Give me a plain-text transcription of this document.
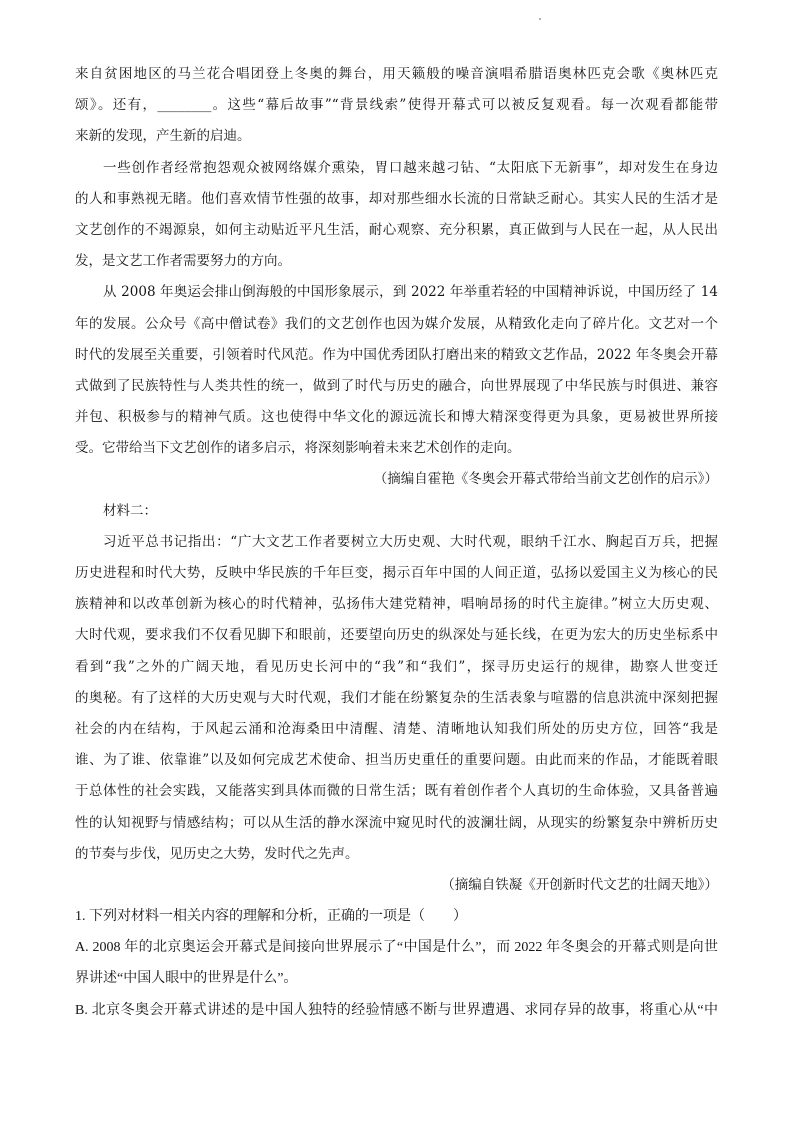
来自贫困地区的马兰花合唱团登上冬奥的舞台，用天籁般的噪音演唱希腊语奥林匹克会歌《奥林匹克
颂》。还有，________。这些“幕后故事”“背景线索”使得开幕式可以被反复观看。每一次观看都能带
来新的发现，产生新的启迪。
一些创作者经常抱怨观众被网络媒介熏染，胃口越来越刁钻、“太阳底下无新事”，却对发生在身边
的人和事熟视无睹。他们喜欢情节性强的故事，却对那些细水长流的日常缺乏耐心。其实人民的生活才是
文艺创作的不竭源泉，如何主动贴近平凡生活，耐心观察、充分积累，真正做到与人民在一起，从人民出
发，是文艺工作者需要努力的方向。
从 2008 年奥运会排山倒海般的中国形象展示，到 2022 年举重若轻的中国精神诉说，中国历经了 14
年的发展。公众号《高中僧试卷》我们的文艺创作也因为媒介发展，从精致化走向了碎片化。文艺对一个
时代的发展至关重要，引领着时代风范。作为中国优秀团队打磨出来的精致文艺作品，2022 年冬奥会开幕
式做到了民族特性与人类共性的统一，做到了时代与历史的融合，向世界展现了中华民族与时俱进、兼容
并包、积极参与的精神气质。这也使得中华文化的源远流长和博大精深变得更为具象，更易被世界所接
受。它带给当下文艺创作的诸多启示，将深刻影响着未来艺术创作的走向。
（摘编自霍艳《冬奥会开幕式带给当前文艺创作的启示》）
材料二：
习近平总书记指出：“广大文艺工作者要树立大历史观、大时代观，眼纳千江水、胸起百万兵，把握
历史进程和时代大势，反映中华民族的千年巨变，揭示百年中国的人间正道，弘扬以爱国主义为核心的民
族精神和以改革创新为核心的时代精神，弘扬伟大建党精神，唱响昂扬的时代主旋律。”树立大历史观、
大时代观，要求我们不仅看见脚下和眼前，还要望向历史的纵深处与延长线，在更为宏大的历史坐标系中
看到“我”之外的广阔天地，看见历史长河中的“我”和“我们”，探寻历史运行的规律，勘察人世变迁
的奥秘。有了这样的大历史观与大时代观，我们才能在纷繁复杂的生活表象与喧嚣的信息洪流中深刻把握
社会的内在结构，于风起云涌和沧海桑田中清醒、清楚、清晰地认知我们所处的历史方位，回答“我是
谁、为了谁、依靠谁”以及如何完成艺术使命、担当历史重任的重要问题。由此而来的作品，才能既着眼
于总体性的社会实践，又能落实到具体而微的日常生活；既有着创作者个人真切的生命体验，又具备普遍
性的认知视野与情感结构；可以从生活的静水深流中窥见时代的波澜壮阔，从现实的纷繁复杂中辨析历史
的节奏与步伐，见历史之大势，发时代之先声。
（摘编自铁凝《开创新时代文艺的壮阔天地》）
1. 下列对材料一相关内容的理解和分析，正确的一项是（　　）
A. 2008 年的北京奥运会开幕式是间接向世界展示了“中国是什么”，而 2022 年冬奥会的开幕式则是向世
界讲述“中国人眼中的世界是什么”。
B. 北京冬奥会开幕式讲述的是中国人独特的经验情感不断与世界遭遇、求同存异的故事，将重心从“中
